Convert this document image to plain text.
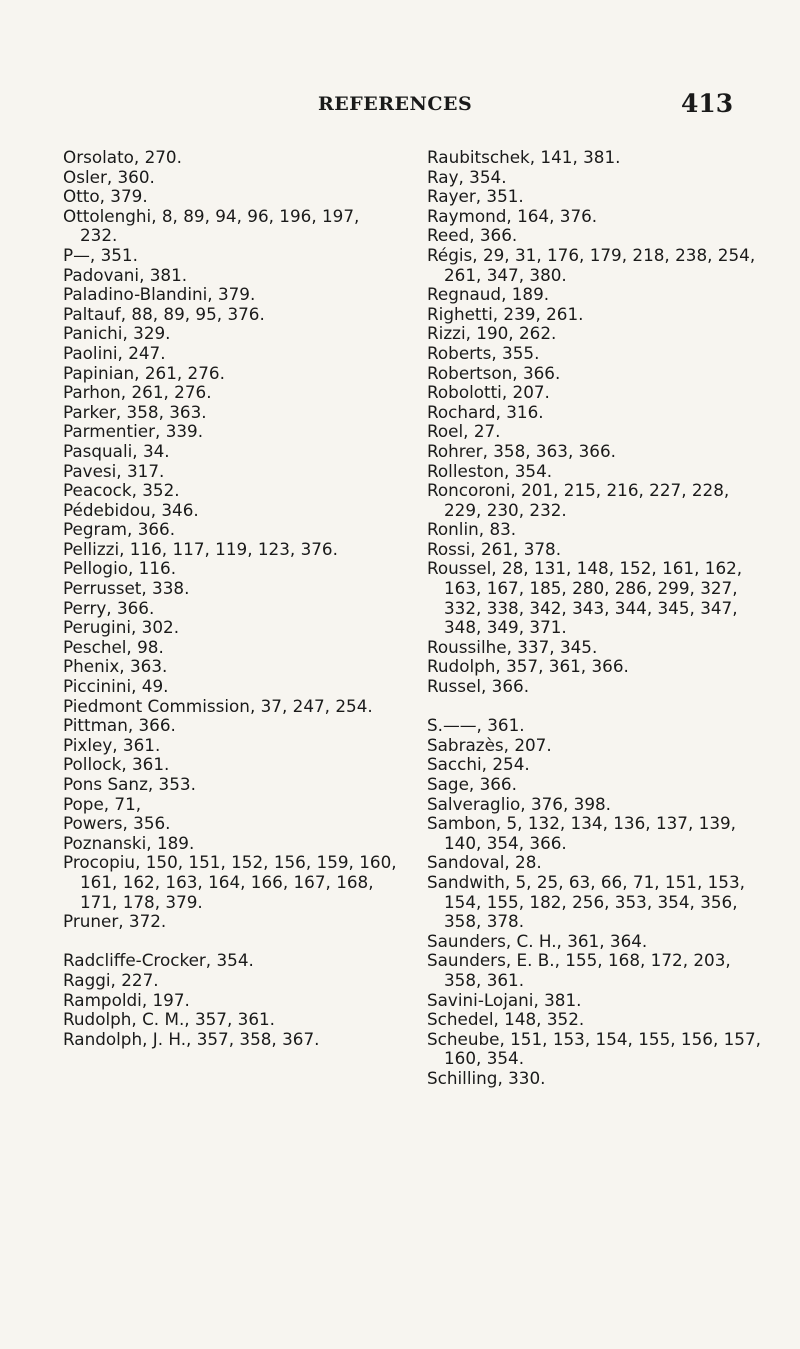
REFERENCES	413

Orsolato, 270.

Osler, 360.

Otto, 379.

Ottolenghi, 8, 89, 94, 96, 196, 197, 232.

P—, 351.

Padovani, 381.

Paladino-Blandini, 379.

Paltauf, 88, 89, 95, 376.

Panichi, 329.

Paolini, 247.

Papinian, 261, 276.

Parhon, 261, 276.

Parker, 358, 363.

Parmentier, 339.

Pasquali, 34.

Pavesi, 317.

Peacock, 352.

Pédebidou, 346.

Pegram, 366.

Pellizzi, 116, 117, 119, 123, 376.

Pellogio, 116.

Perrusset, 338.

Perry, 366.

Perugini, 302.

Peschel, 98.

Phenix, 363.

Piccinini, 49.

Piedmont Commission, 37, 247, 254.

Pittman, 366.

Pixley, 361.

Pollock, 361.

Pons Sanz, 353.

Pope, 71,

Powers, 356.

Poznanski, 189.

Procopiu, 150, 151, 152, 156, 159, 160, 161, 162, 163, 164, 166, 167, 168, 171, 178, 379.

Pruner, 372.

Radcliffe-Crocker, 354.

Raggi, 227.

Rampoldi, 197.

Rudolph, C. M., 357, 361.

Randolph, J. H., 357, 358, 367.

Raubitschek, 141, 381.

Ray, 354.

Rayer, 351.

Raymond, 164, 376.

Reed, 366.

Régis, 29, 31, 176, 179, 218, 238, 254, 261, 347, 380.

Regnaud, 189.

Righetti, 239, 261.

Rizzi, 190, 262.

Roberts, 355.

Robertson, 366.

Robolotti, 207.

Rochard, 316.

Roel, 27.

Rohrer, 358, 363, 366.

Rolleston, 354.

Roncoroni, 201, 215, 216, 227, 228, 229, 230, 232.

Ronlin, 83.

Rossi, 261, 378.

Roussel, 28, 131, 148, 152, 161, 162, 163, 167, 185, 280, 286, 299, 327, 332, 338, 342, 343, 344, 345, 347, 348, 349, 371.

Roussilhe, 337, 345.

Rudolph, 357, 361, 366.

Russel, 366.

S.——, 361.

Sabrazès, 207.

Sacchi, 254.

Sage, 366.

Salveraglio, 376, 398.

Sambon, 5, 132, 134, 136, 137, 139, 140, 354, 366.

Sandoval, 28.

Sandwith, 5, 25, 63, 66, 71, 151, 153, 154, 155, 182, 256, 353, 354, 356, 358, 378.

Saunders, C. H., 361, 364.

Saunders, E. B., 155, 168, 172, 203, 358, 361.

Savini-Lojani, 381.

Schedel, 148, 352.

Scheube, 151, 153, 154, 155, 156, 157, 160, 354.

Schilling, 330.
